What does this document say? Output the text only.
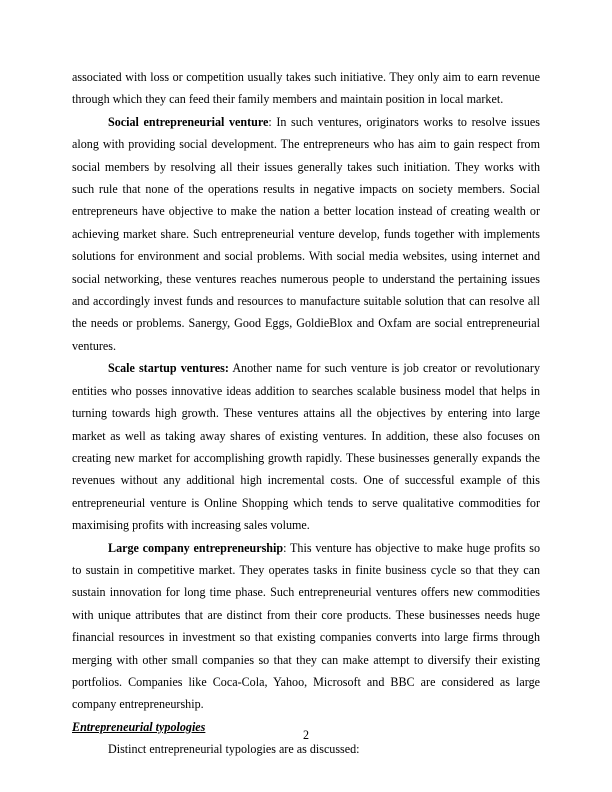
associated with loss or competition usually takes such initiative. They only aim to earn revenue through which they can feed their family members and maintain position in local market.

Social entrepreneurial venture: In such ventures, originators works to resolve issues along with providing social development. The entrepreneurs who has aim to gain respect from social members by resolving all their issues generally takes such initiation. They works with such rule that none of the operations results in negative impacts on society members. Social entrepreneurs have objective to make the nation a better location instead of creating wealth or achieving market share. Such entrepreneurial venture develop, funds together with implements solutions for environment and social problems. With social media websites, using internet and social networking, these ventures reaches numerous people to understand the pertaining issues and accordingly invest funds and resources to manufacture suitable solution that can resolve all the needs or problems. Sanergy, Good Eggs, GoldieBlox and Oxfam are social entrepreneurial ventures.

Scale startup ventures: Another name for such venture is job creator or revolutionary entities who posses innovative ideas addition to searches scalable business model that helps in turning towards high growth. These ventures attains all the objectives by entering into large market as well as taking away shares of existing ventures. In addition, these also focuses on creating new market for accomplishing growth rapidly. These businesses generally expands the revenues without any additional high incremental costs. One of successful example of this entrepreneurial venture is Online Shopping which tends to serve qualitative commodities for maximising profits with increasing sales volume.

Large company entrepreneurship: This venture has objective to make huge profits so to sustain in competitive market. They operates tasks in finite business cycle so that they can sustain innovation for long time phase. Such entrepreneurial ventures offers new commodities with unique attributes that are distinct from their core products. These businesses needs huge financial resources in investment so that existing companies converts into large firms through merging with other small companies so that they can make attempt to diversify their existing portfolios. Companies like Coca-Cola, Yahoo, Microsoft and BBC are considered as large company entrepreneurship.

Entrepreneurial typologies

Distinct entrepreneurial typologies are as discussed:

2
